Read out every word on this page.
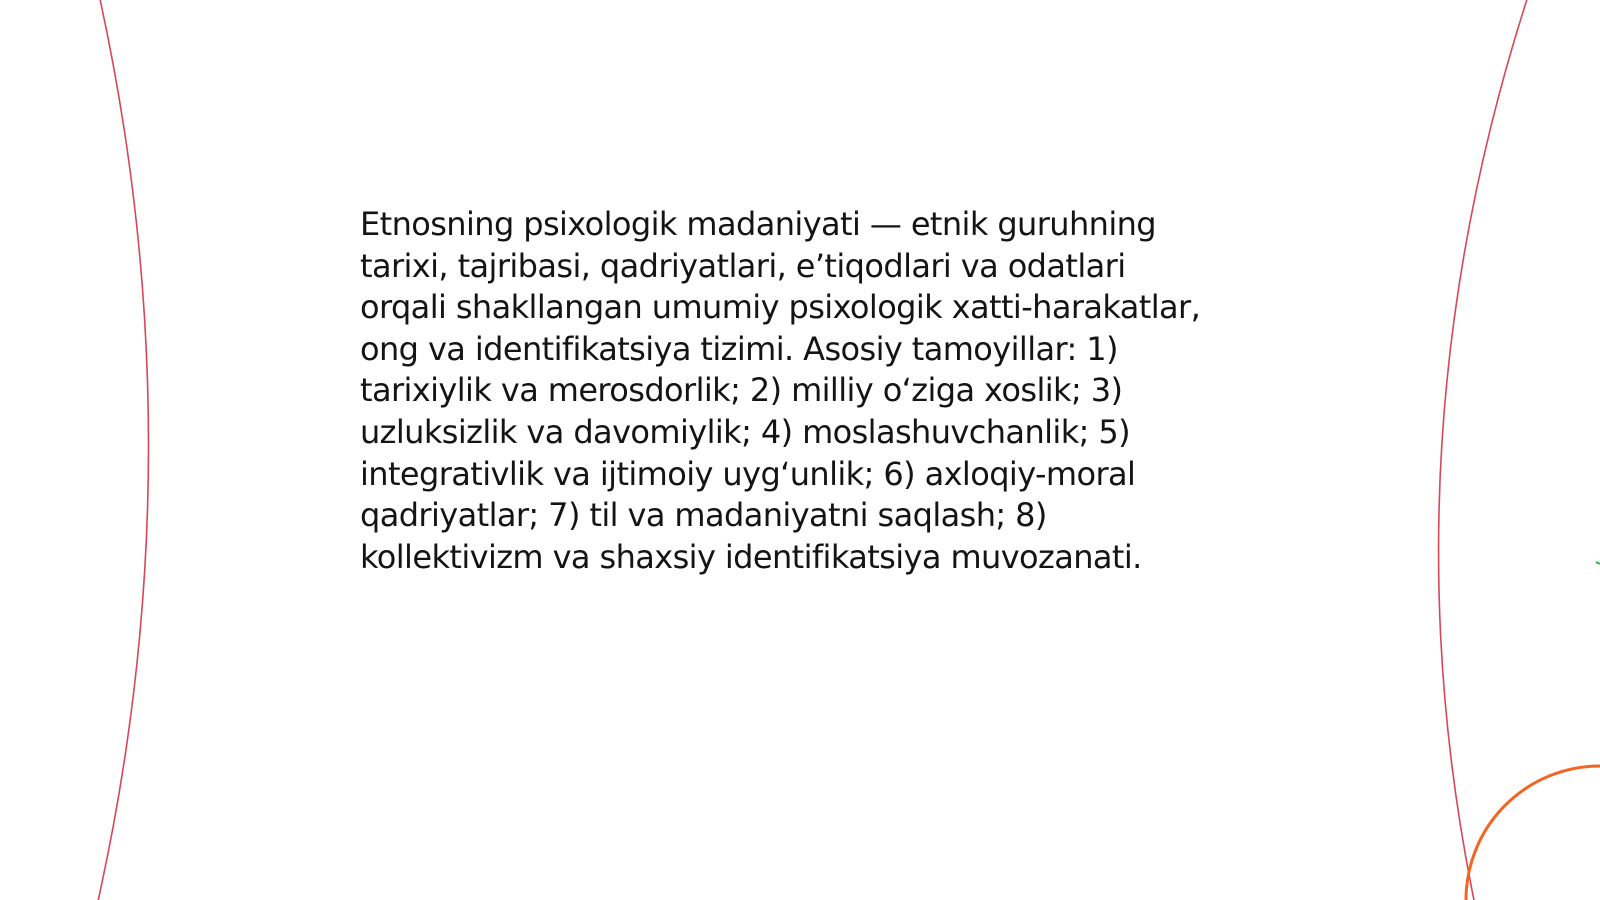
Etnosning psixologik madaniyati — etnik guruhning
tarixi, tajribasi, qadriyatlari, e’tiqodlari va odatlari
orqali shakllangan umumiy psixologik xatti-harakatlar,
ong va identifikatsiya tizimi. Asosiy tamoyillar: 1)
tarixiylik va merosdorlik; 2) milliy o‘ziga xoslik; 3)
uzluksizlik va davomiylik; 4) moslashuvchanlik; 5)
integrativlik va ijtimoiy uyg‘unlik; 6) axloqiy-moral
qadriyatlar; 7) til va madaniyatni saqlash; 8)
kollektivizm va shaxsiy identifikatsiya muvozanati.
